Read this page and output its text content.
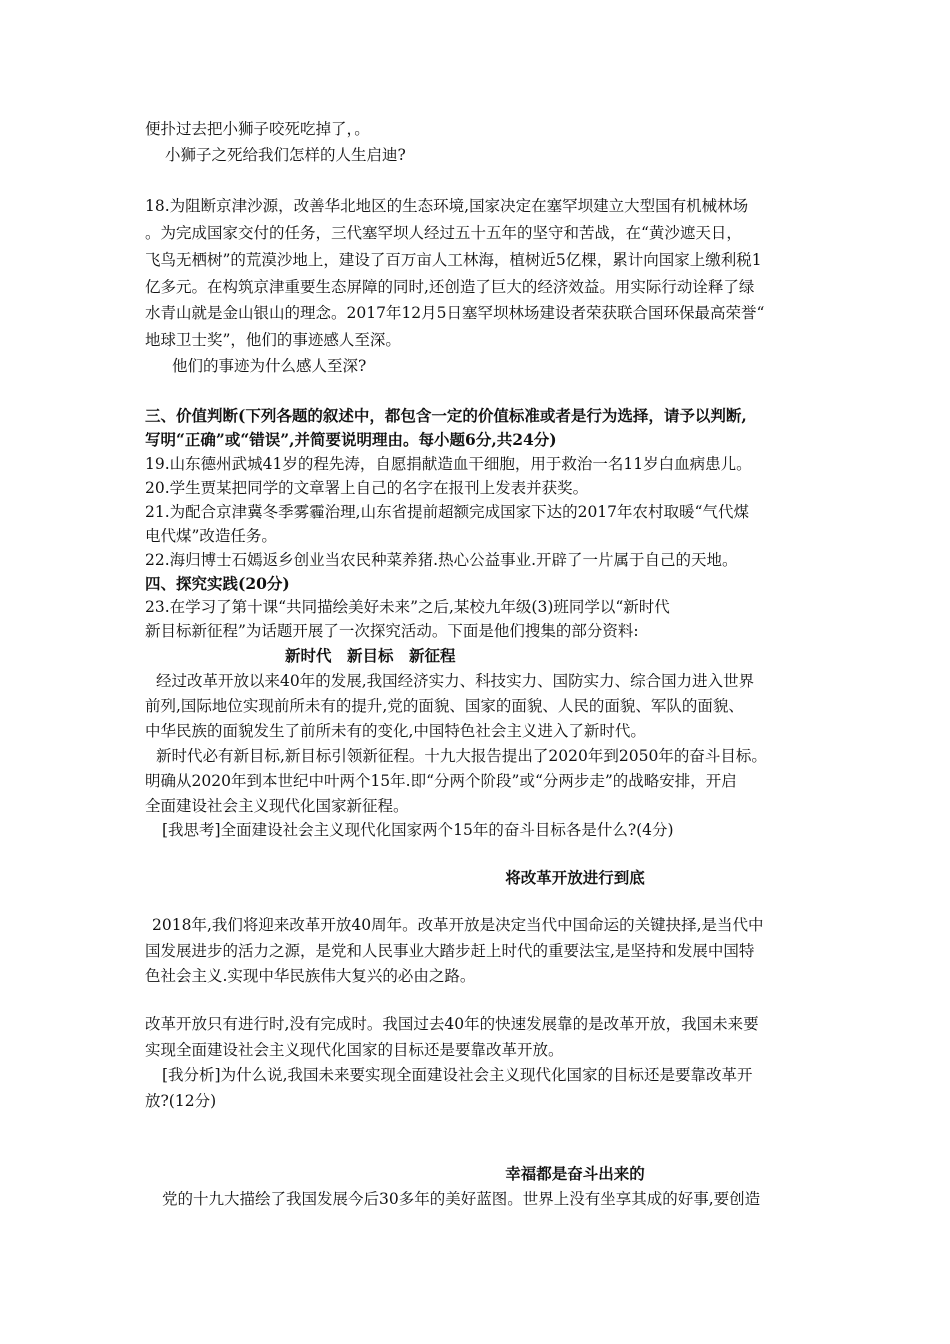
便扑过去把小狮子咬死吃掉了，。
小狮子之死给我们怎样的人生启迪?
18.为阻断京津沙源，改善华北地区的生态环境,国家决定在塞罕坝建立大型国有机械林场
。为完成国家交付的任务，三代塞罕坝人经过五十五年的坚守和苦战，在“黄沙遮天日，
飞鸟无栖树”的荒漠沙地上，建设了百万亩人工林海，植树近5亿棵，累计向国家上缴利税1
亿多元。在构筑京津重要生态屏障的同时,还创造了巨大的经济效益。用实际行动诠释了绿
水青山就是金山银山的理念。2017年12月5日塞罕坝林场建设者荣获联合国环保最高荣誉“
地球卫士奖”，他们的事迹感人至深。
他们的事迹为什么感人至深?
三、价值判断(下列各题的叙述中，都包含一定的价值标准或者是行为选择，请予以判断,
写明“正确”或“错误”,并简要说明理由。每小题6分,共24分)
19.山东德州武城41岁的程先涛，自愿捐献造血干细胞，用于救治一名11岁白血病患儿。
20.学生贾某把同学的文章署上自己的名字在报刊上发表并获奖。
21.为配合京津冀冬季雾霾治理,山东省提前超额完成国家下达的2017年农村取暖“气代煤
电代煤”改造任务。
22.海归博士石嫣返乡创业当农民种菜养猪.热心公益事业.开辟了一片属于自己的天地。
四、探究实践(20分)
23.在学习了第十课“共同描绘美好未来”之后,某校九年级(3)班同学以“新时代
新目标新征程”为话题开展了一次探究活动。下面是他们搜集的部分资料:
新时代　新目标　新征程
经过改革开放以来40年的发展,我国经济实力、科技实力、国防实力、综合国力进入世界
前列,国际地位实现前所未有的提升,党的面貌、国家的面貌、人民的面貌、军队的面貌、
中华民族的面貌发生了前所未有的变化,中国特色社会主义进入了新时代。
新时代必有新目标,新目标引领新征程。十九大报告提出了2020年到2050年的奋斗目标。
明确从2020年到本世纪中叶两个15年.即“分两个阶段”或“分两步走”的战略安排，开启
全面建设社会主义现代化国家新征程。
[我思考]全面建设社会主义现代化国家两个15年的奋斗目标各是什么?(4分)
将改革开放进行到底
2018年,我们将迎来改革开放40周年。改革开放是决定当代中国命运的关键抉择,是当代中
国发展进步的活力之源，是党和人民事业大踏步赶上时代的重要法宝,是坚持和发展中国特
色社会主义.实现中华民族伟大复兴的必由之路。
改革开放只有进行时,没有完成时。我国过去40年的快速发展靠的是改革开放，我国未来要
实现全面建设社会主义现代化国家的目标还是要靠改革开放。
[我分析]为什么说,我国未来要实现全面建设社会主义现代化国家的目标还是要靠改革开
放?(12分)
幸福都是奋斗出来的
党的十九大描绘了我国发展今后30多年的美好蓝图。世界上没有坐享其成的好事,要创造
